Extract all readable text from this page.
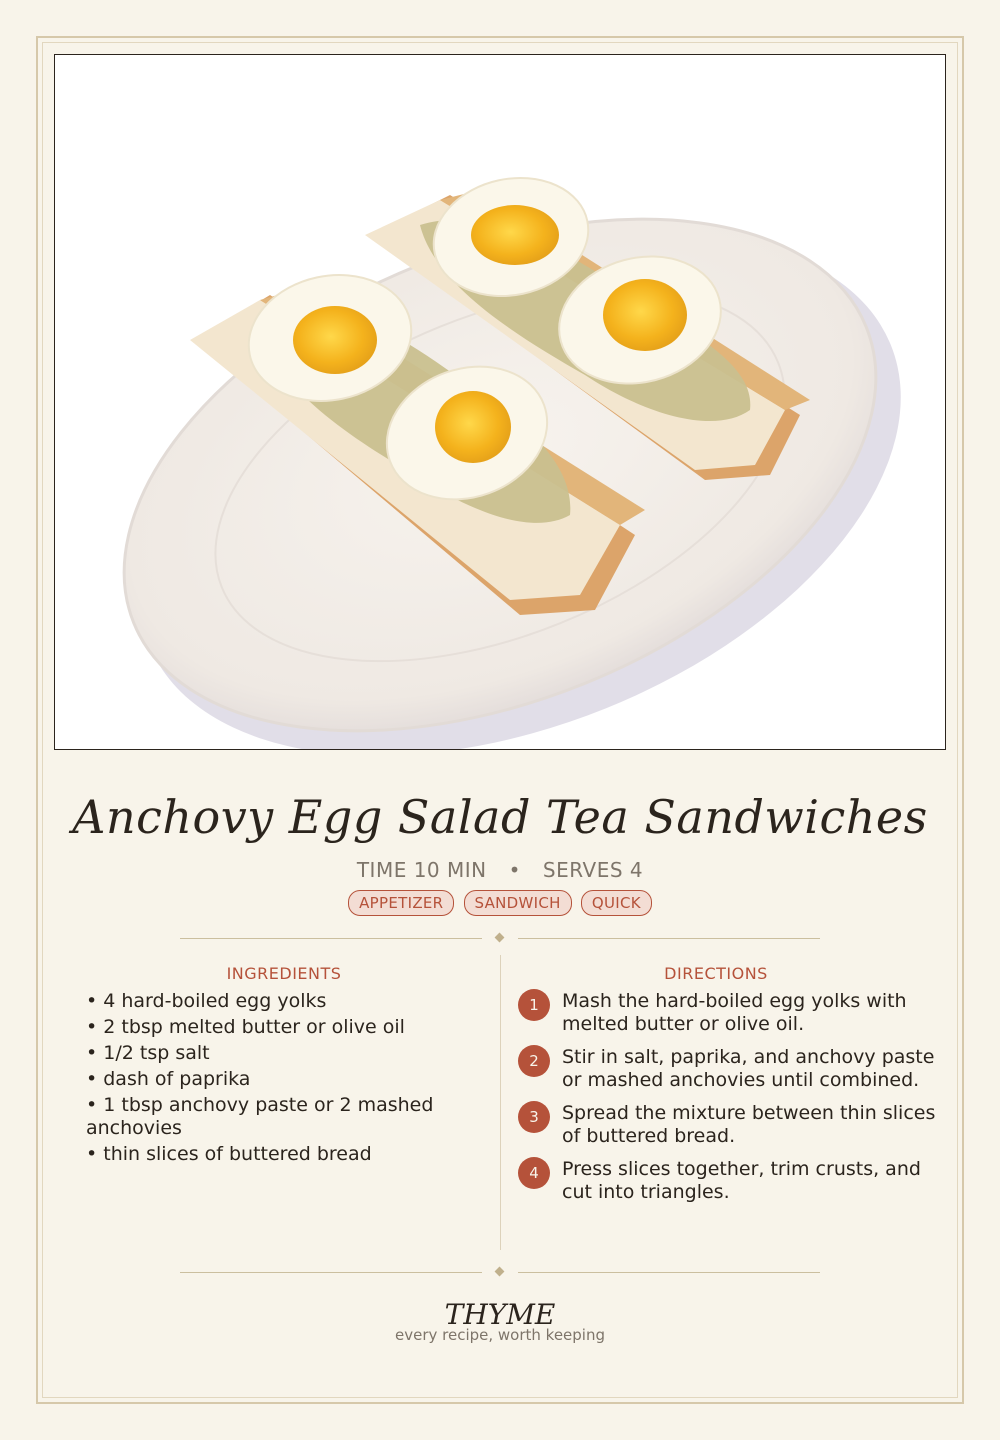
Anchovy Egg Salad Tea Sandwiches
TIME 10 MIN • SERVES 4
APPETIZER SANDWICH QUICK
INGREDIENTS	DIRECTIONS
• 4 hard-boiled egg yolks
• 2 tbsp melted butter or olive oil
• 1/2 tsp salt
• dash of paprika
• 1 tbsp anchovy paste or 2 mashed anchovies
• thin slices of buttered bread
1	Mash the hard-boiled egg yolks with melted butter or olive oil.
2	Stir in salt, paprika, and anchovy paste or mashed anchovies until combined.
3	Spread the mixture between thin slices of buttered bread.
4	Press slices together, trim crusts, and cut into triangles.
THYME
every recipe, worth keeping
